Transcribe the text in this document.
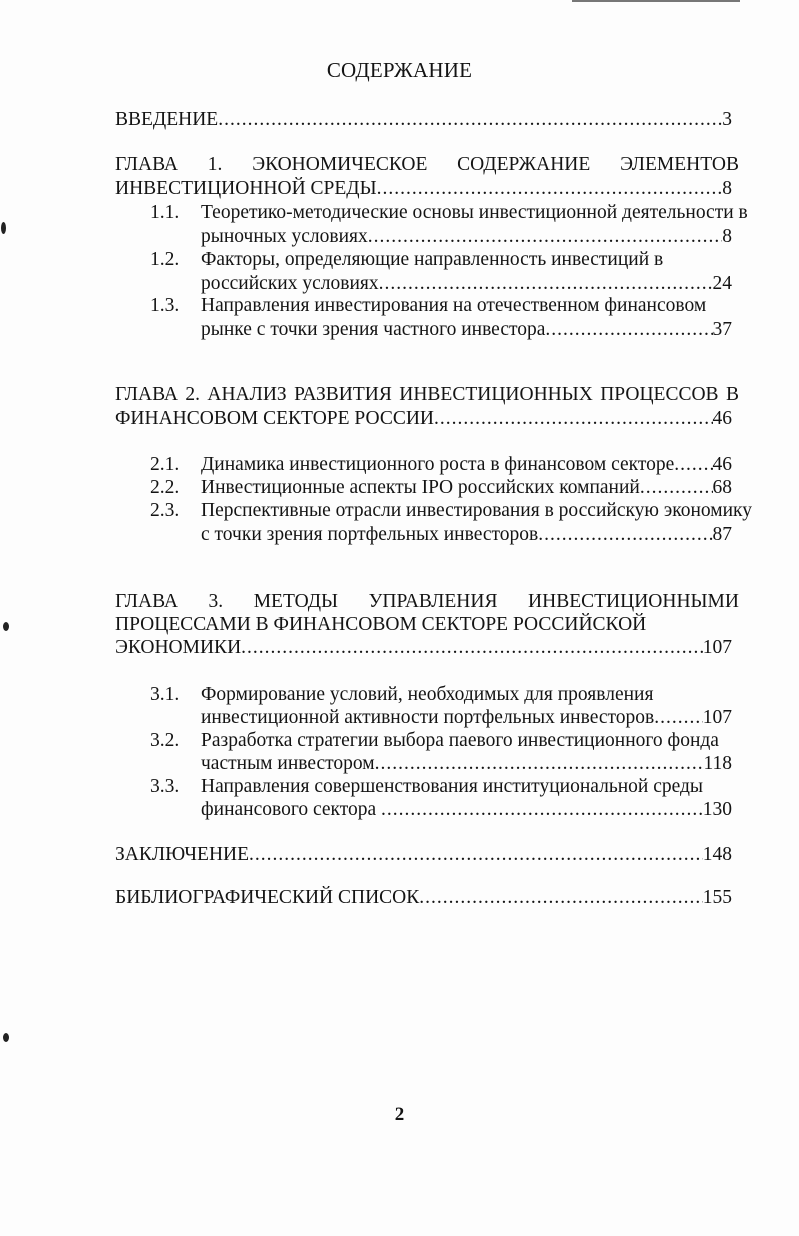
СОДЕРЖАНИЕ
ВВЕДЕНИЕ .....	3
ГЛАВА 1. ЭКОНОМИЧЕСКОЕ СОДЕРЖАНИЕ ЭЛЕМЕНТОВ
ИНВЕСТИЦИОННОЙ СРЕДЫ .....	8
1.1. Теоретико-методические основы инвестиционной деятельности в
рыночных условиях .....	8
1.2. Факторы, определяющие направленность инвестиций в
российских условиях .....	24
1.3. Направления инвестирования на отечественном финансовом
рынке с точки зрения частного инвестора .....	37
ГЛАВА 2. АНАЛИЗ РАЗВИТИЯ ИНВЕСТИЦИОННЫХ ПРОЦЕССОВ В
ФИНАНСОВОМ СЕКТОРЕ РОССИИ .....	46
2.1. Динамика инвестиционного роста в финансовом секторе ..... 46
2.2. Инвестиционные аспекты IPO российских компаний .....	68
2.3. Перспективные отрасли инвестирования в российскую экономику
с точки зрения портфельных инвесторов .....	87
ГЛАВА 3. МЕТОДЫ УПРАВЛЕНИЯ ИНВЕСТИЦИОННЫМИ
ПРОЦЕССАМИ В ФИНАНСОВОМ СЕКТОРЕ РОССИЙСКОЙ
ЭКОНОМИКИ .....	107
3.1. Формирование условий, необходимых для проявления
инвестиционной активности портфельных инвесторов ..... 107
3.2. Разработка стратегии выбора паевого инвестиционного фонда
частным инвестором .....	118
3.3. Направления совершенствования институциональной среды
финансового сектора .....	130
ЗАКЛЮЧЕНИЕ .....	148
БИБЛИОГРАФИЧЕСКИЙ СПИСОК .....	155
2
